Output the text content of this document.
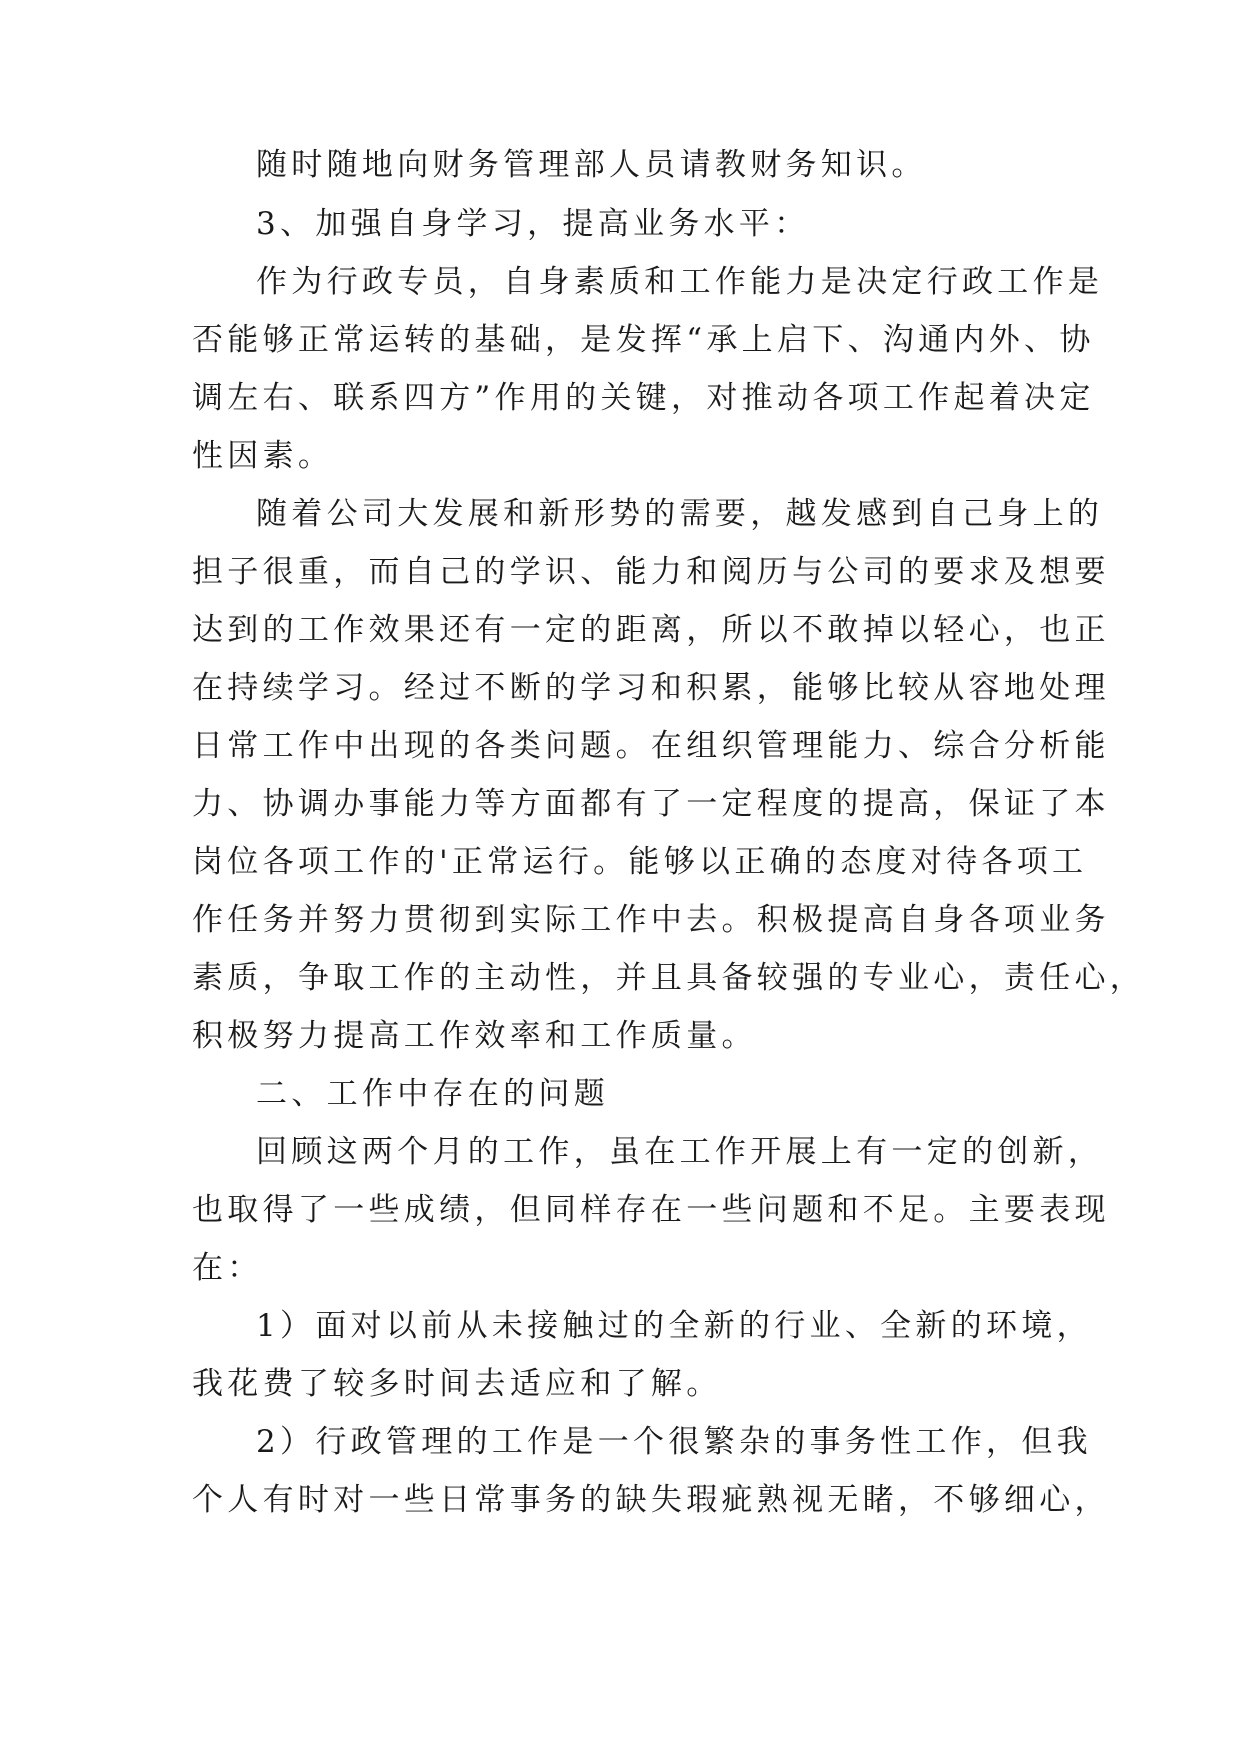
随时随地向财务管理部人员请教财务知识。

3、加强自身学习，提高业务水平：

作为行政专员，自身素质和工作能力是决定行政工作是

否能够正常运转的基础，是发挥“承上启下、沟通内外、协

调左右、联系四方”作用的关键，对推动各项工作起着决定

性因素。

随着公司大发展和新形势的需要，越发感到自己身上的

担子很重，而自己的学识、能力和阅历与公司的要求及想要

达到的工作效果还有一定的距离，所以不敢掉以轻心，也正

在持续学习。经过不断的学习和积累，能够比较从容地处理

日常工作中出现的各类问题。在组织管理能力、综合分析能

力、协调办事能力等方面都有了一定程度的提高，保证了本

岗位各项工作的'正常运行。能够以正确的态度对待各项工

作任务并努力贯彻到实际工作中去。积极提高自身各项业务

素质，争取工作的主动性，并且具备较强的专业心，责任心，

积极努力提高工作效率和工作质量。

二、工作中存在的问题

回顾这两个月的工作，虽在工作开展上有一定的创新，

也取得了一些成绩，但同样存在一些问题和不足。主要表现

在：

1）面对以前从未接触过的全新的行业、全新的环境，

我花费了较多时间去适应和了解。

2）行政管理的工作是一个很繁杂的事务性工作，但我

个人有时对一些日常事务的缺失瑕疵熟视无睹，不够细心，
